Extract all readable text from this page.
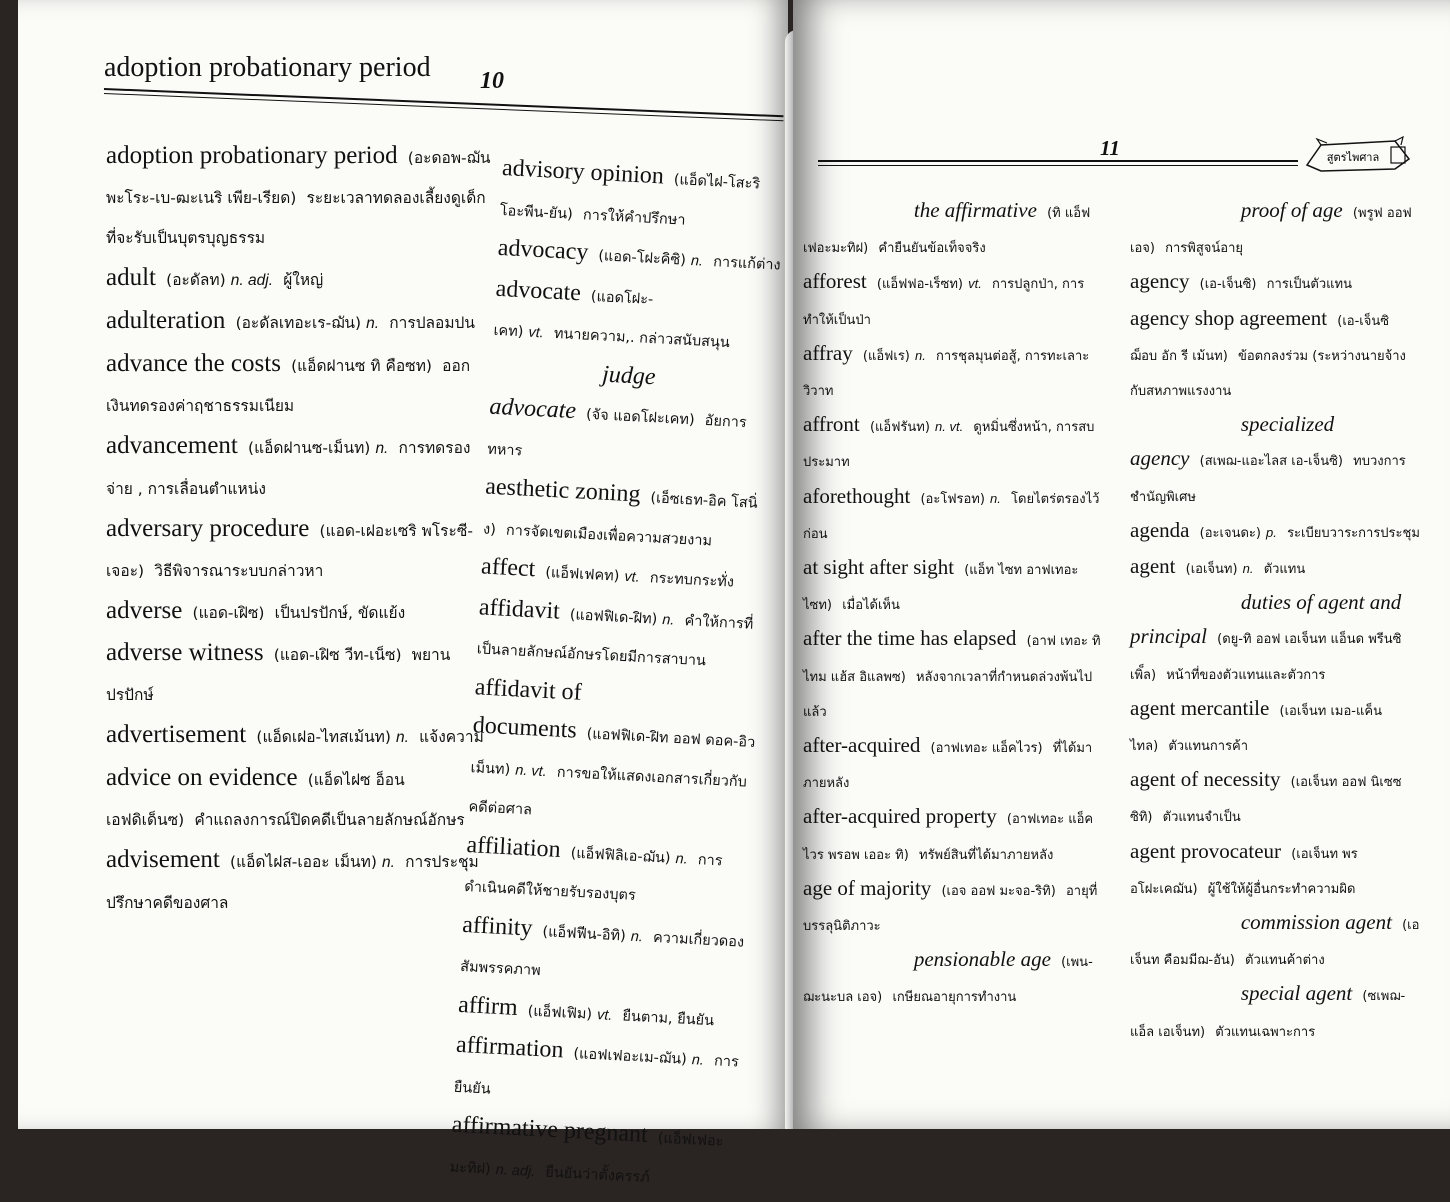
adoption probationary period 10

adoption probationary period (อะดอพ-ฌันพะโระ-เบ-ฒะเนริ เพีย-เรียด) ระยะเวลาทดลองเลี้ยงดูเด็กที่จะรับเป็นบุตรบุญธรรม

adult (อะดัลท) n. adj. ผู้ใหญ่

adulteration (อะดัลเทอะเร-ฌัน) n. การปลอมปน

advance the costs (แอ็ดฝานซ ทิ คือซท) ออกเงินทดรองค่าฤชาธรรมเนียม

advancement (แอ็ดฝานซ-เม็นท) n. การทดรองจ่าย , การเลื่อนตำแหน่ง

adversary procedure (แอด-เฝอะเซริ พโระซี-เจอะ) วิธีพิจารณาระบบกล่าวหา

adverse (แอด-เฝิซ) เป็นปรปักษ์, ขัดแย้ง

adverse witness (แอด-เฝิซ วีท-เน็ซ) พยานปรปักษ์

advertisement (แอ็ดเฝอ-ไทสเม้นท) n. แจ้งความ

advice on evidence (แอ็ดไฝซ อ็อน เอฟดิเด็นซ) คำแถลงการณ์ปิดคดีเป็นลายลักษณ์อักษร

advisement (แอ็ดไฝส-เออะ เม็นท) n. การประชุมปรึกษาคดีของศาล

advisory opinion (แอ็ดไฝ-โสะริ โอะพีน-ยัน) การให้คำปรึกษา

advocacy (แอด-โฝะคิซิ) n. การแก้ต่าง

advocate (แอดโฝะ-เคท) vt. ทนายความ,. กล่าวสนับสนุน

judge advocate (จัจ แอดโฝะเคท) อัยการทหาร

aesthetic zoning (เอ็ซเธท-อิค โสนิ่ง) การจัดเขตเมืองเพื่อความสวยงาม

affect (แอ็ฟเฟคท) vt. กระทบกระทั่ง

affidavit (แอฟฟิเด-ฝิท) n. คำให้การที่เป็นลายลักษณ์อักษรโดยมีการสาบาน

affidavit of documents (แอฟฟิเด-ฝิท ออฟ ดอค-อิวเม็นท) n. vt. การขอให้แสดงเอกสารเกี่ยวกับคดีต่อศาล

affiliation (แอ็ฟฟิลิเอ-ฌัน) n. การดำเนินคดีให้ชายรับรองบุตร

affinity (แอ็ฟฟีน-อิทิ) n. ความเกี่ยวดองสัมพรรคภาพ

affirm (แอ็ฟเฟิม) vt. ยืนตาม, ยืนยัน

affirmation (แอฟเฟอะเม-ฌัน) n. การยืนยัน

affirmative pregnant (แอ็ฟเฟอะมะทิฝ) n. adj. ยืนยันว่าตั้งครรภ์

11	สูตรไพศาล

the affirmative (ทิ แอ็ฟเฟอะมะทิฝ) คำยืนยันข้อเท็จจริง

afforest (แอ็ฟฟอ-เร็ซท) vt. การปลูกป่า, การทำให้เป็นป่า

affray (แอ็ฟเร) n. การชุลมุนต่อสู้, การทะเลาะวิวาท

affront (แอ็ฟรันท) n. vt. ดูหมิ่นซึ่งหน้า, การสบประมาท

aforethought (อะโฟรอท) n. โดยไตร่ตรองไว้ก่อน

at sight after sight (แอ็ท ไซท อาฟเทอะ ไซท) เมื่อได้เห็น

after the time has elapsed (อาฟ เทอะ ทิ ไทม แฮ้ส อิแลพซ) หลังจากเวลาที่กำหนดล่วงพ้นไปแล้ว

after-acquired (อาฟเทอะ แอ็คไวร) ที่ได้มาภายหลัง

after-acquired property (อาฟเทอะ แอ็คไวร พรอพ เออะ ทิ) ทรัพย์สินที่ได้มาภายหลัง

age of majority (เอจ ออฟ มะจอ-ริทิ) อายุที่บรรลุนิติภาวะ

pensionable age (เพน-ฌะนะบล เอจ) เกษียณอายุการทำงาน

proof of age (พรูฟ ออฟ เอจ) การพิสูจน์อายุ

agency (เอ-เจ็นซิ) การเป็นตัวแทน

agency shop agreement (เอ-เจ็นซิ ฌ็อบ อัก รี เม้นท) ข้อตกลงร่วม (ระหว่างนายจ้างกับสหภาพแรงงาน

specialized agency (สเพฌ-แอะไลส เอ-เจ็นซิ) ทบวงการชำนัญพิเศษ

agenda (อะเจนดะ) p. ระเบียบวาระการประชุม

agent (เอเจ็นท) n. ตัวแทน

duties of agent and principal (ดยู-ทิ ออฟ เอเจ็นท แอ็นด พรีนซิเพิ็ล) หน้าที่ของตัวแทนและตัวการ

agent mercantile (เอเจ็นท เมอ-แค็นไทล) ตัวแทนการค้า

agent of necessity (เอเจ็นท ออฟ นิเซซ ซิทิ) ตัวแทนจำเป็น

agent provocateur (เอเจ็นท พรอโฝะเคฌัน) ผู้ใช้ให้ผู้อื่นกระทำความผิด

commission agent (เอเจ็นท คือมมีฌ-อัน) ตัวแทนค้าต่าง

special agent (ซเพฌ-แอ็ล เอเจ็นท) ตัวแทนเฉพาะการ
